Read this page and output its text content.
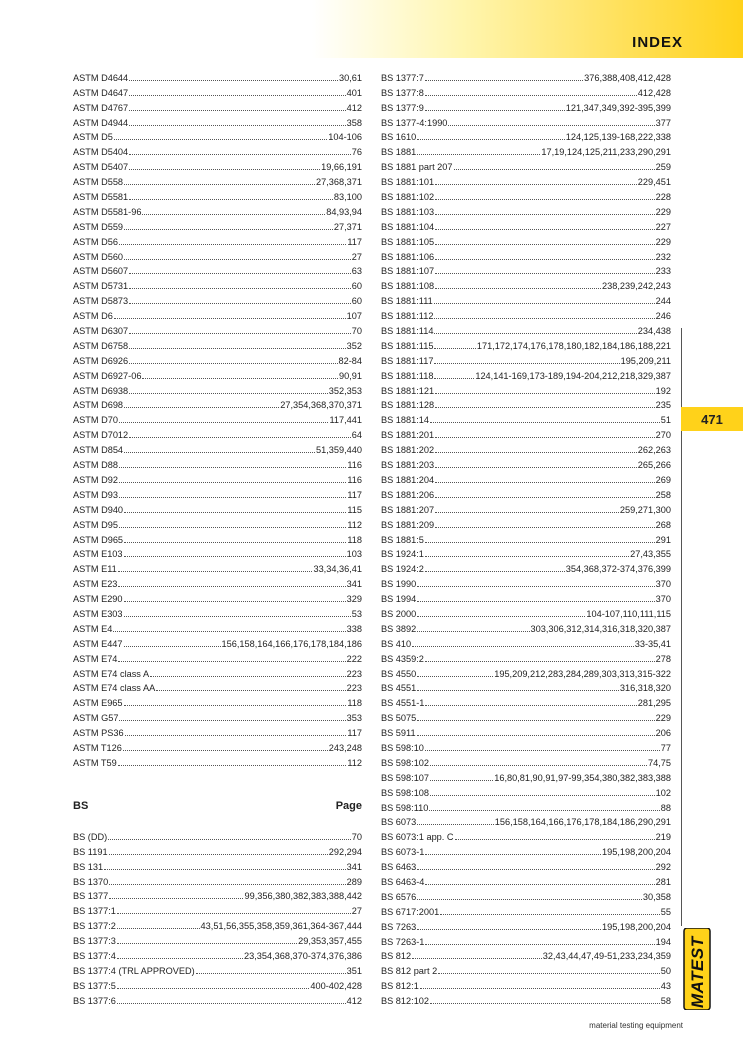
INDEX
ASTM D4644	30,61
ASTM D4647	401
ASTM D4767	412
ASTM D4944	358
ASTM D5	104-106
ASTM D5404	76
ASTM D5407	19,66,191
ASTM D558	27,368,371
ASTM D5581	83,100
ASTM D5581-96	84,93,94
ASTM D559	27,371
ASTM D56	117
ASTM D560	27
ASTM D5607	63
ASTM D5731	60
ASTM D5873	60
ASTM D6	107
ASTM D6307	70
ASTM D6758	352
ASTM D6926	82-84
ASTM D6927-06	90,91
ASTM D6938	352,353
ASTM D698	27,354,368,370,371
ASTM D70	117,441
ASTM D7012	64
ASTM D854	51,359,440
ASTM D88	116
ASTM D92	116
ASTM D93	117
ASTM D940	115
ASTM D95	112
ASTM D965	118
ASTM E103	103
ASTM E11	33,34,36,41
ASTM E23	341
ASTM E290	329
ASTM E303	53
ASTM E4	338
ASTM E447	156,158,164,166,176,178,184,186
ASTM E74	222
ASTM E74 class A	223
ASTM E74 class AA	223
ASTM E965	118
ASTM G57	353
ASTM PS36	117
ASTM T126	243,248
ASTM T59	112
BS	Page
BS (DD)	70
BS 1191	292,294
BS 131	341
BS 1370	289
BS 1377	99,356,380,382,383,388,442
BS 1377:1	27
BS 1377:2	43,51,56,355,358,359,361,364-367,444
BS 1377:3	29,353,357,455
BS 1377:4	23,354,368,370-374,376,386
BS 1377:4 (TRL APPROVED)	351
BS 1377:5	400-402,428
BS 1377:6	412
BS 1377:7	376,388,408,412,428
BS 1377:8	412,428
BS 1377:9	121,347,349,392-395,399
BS 1377-4:1990	377
BS 1610	124,125,139-168,222,338
BS 1881	17,19,124,125,211,233,290,291
BS 1881 part 207	259
BS 1881:101	229,451
BS 1881:102	228
BS 1881:103	229
BS 1881:104	227
BS 1881:105	229
BS 1881:106	232
BS 1881:107	233
BS 1881:108	238,239,242,243
BS 1881:111	244
BS 1881:112	246
BS 1881:114	234,438
BS 1881:115	171,172,174,176,178,180,182,184,186,188,221
BS 1881:117	195,209,211
BS 1881:118	124,141-169,173-189,194-204,212,218,329,387
BS 1881:121	192
BS 1881:128	235
BS 1881:14	51
BS 1881:201	270
BS 1881:202	262,263
BS 1881:203	265,266
BS 1881:204	269
BS 1881:206	258
BS 1881:207	259,271,300
BS 1881:209	268
BS 1881:5	291
BS 1924:1	27,43,355
BS 1924:2	354,368,372-374,376,399
BS 1990	370
BS 1994	370
BS 2000	104-107,110,111,115
BS 3892	303,306,312,314,316,318,320,387
BS 410	33-35,41
BS 4359:2	278
BS 4550	195,209,212,283,284,289,303,313,315-322
BS 4551	316,318,320
BS 4551-1	281,295
BS 5075	229
BS 5911	206
BS 598:10	77
BS 598:102	74,75
BS 598:107	16,80,81,90,91,97-99,354,380,382,383,388
BS 598:108	102
BS 598:110	88
BS 6073	156,158,164,166,176,178,184,186,290,291
BS 6073:1 app. C	219
BS 6073-1	195,198,200,204
BS 6463	292
BS 6463-4	281
BS 6576	30,358
BS 6717:2001	55
BS 7263	195,198,200,204
BS 7263-1	194
BS 812	32,43,44,47,49-51,233,234,359
BS 812 part 2	50
BS 812:1	43
BS 812:102	58
471
MATEST
material testing equipment
